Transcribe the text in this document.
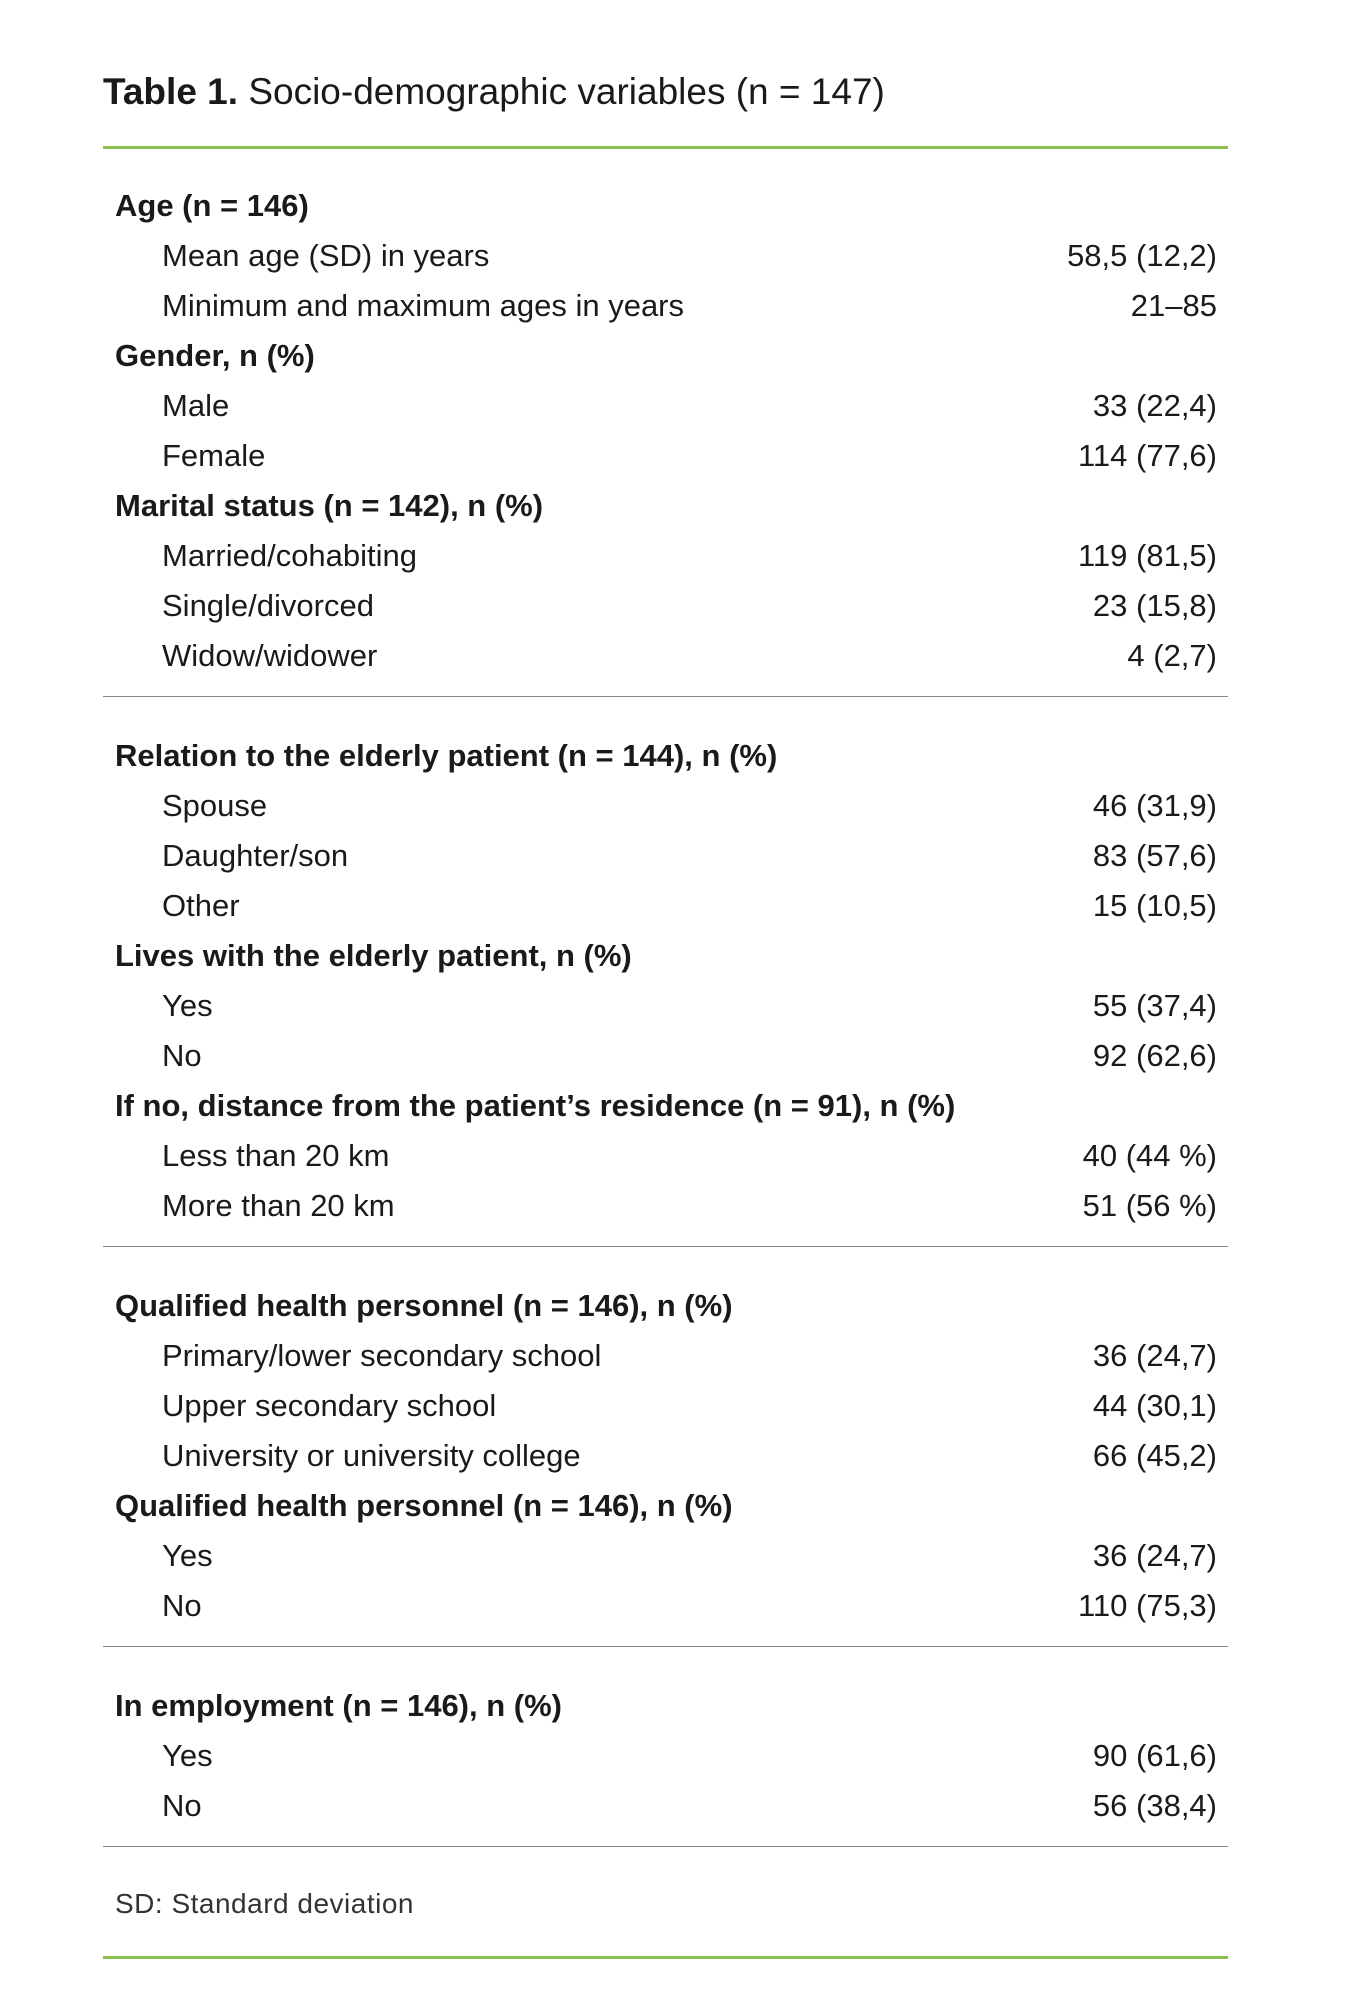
Table 1. Socio-demographic variables (n = 147)
Age (n = 146)
Mean age (SD) in years	58,5 (12,2)
Minimum and maximum ages in years	21–85
Gender, n (%)
Male	33 (22,4)
Female	114 (77,6)
Marital status (n = 142), n (%)
Married/cohabiting	119 (81,5)
Single/divorced	23 (15,8)
Widow/widower	4 (2,7)
Relation to the elderly patient (n = 144), n (%)
Spouse	46 (31,9)
Daughter/son	83 (57,6)
Other	15 (10,5)
Lives with the elderly patient, n (%)
Yes	55 (37,4)
No	92 (62,6)
If no, distance from the patient’s residence (n = 91), n (%)
Less than 20 km	40 (44 %)
More than 20 km	51 (56 %)
Qualified health personnel (n = 146), n (%)
Primary/lower secondary school	36 (24,7)
Upper secondary school	44 (30,1)
University or university college	66 (45,2)
Qualified health personnel (n = 146), n (%)
Yes	36 (24,7)
No	110 (75,3)
In employment (n = 146), n (%)
Yes	90 (61,6)
No	56 (38,4)
SD: Standard deviation
